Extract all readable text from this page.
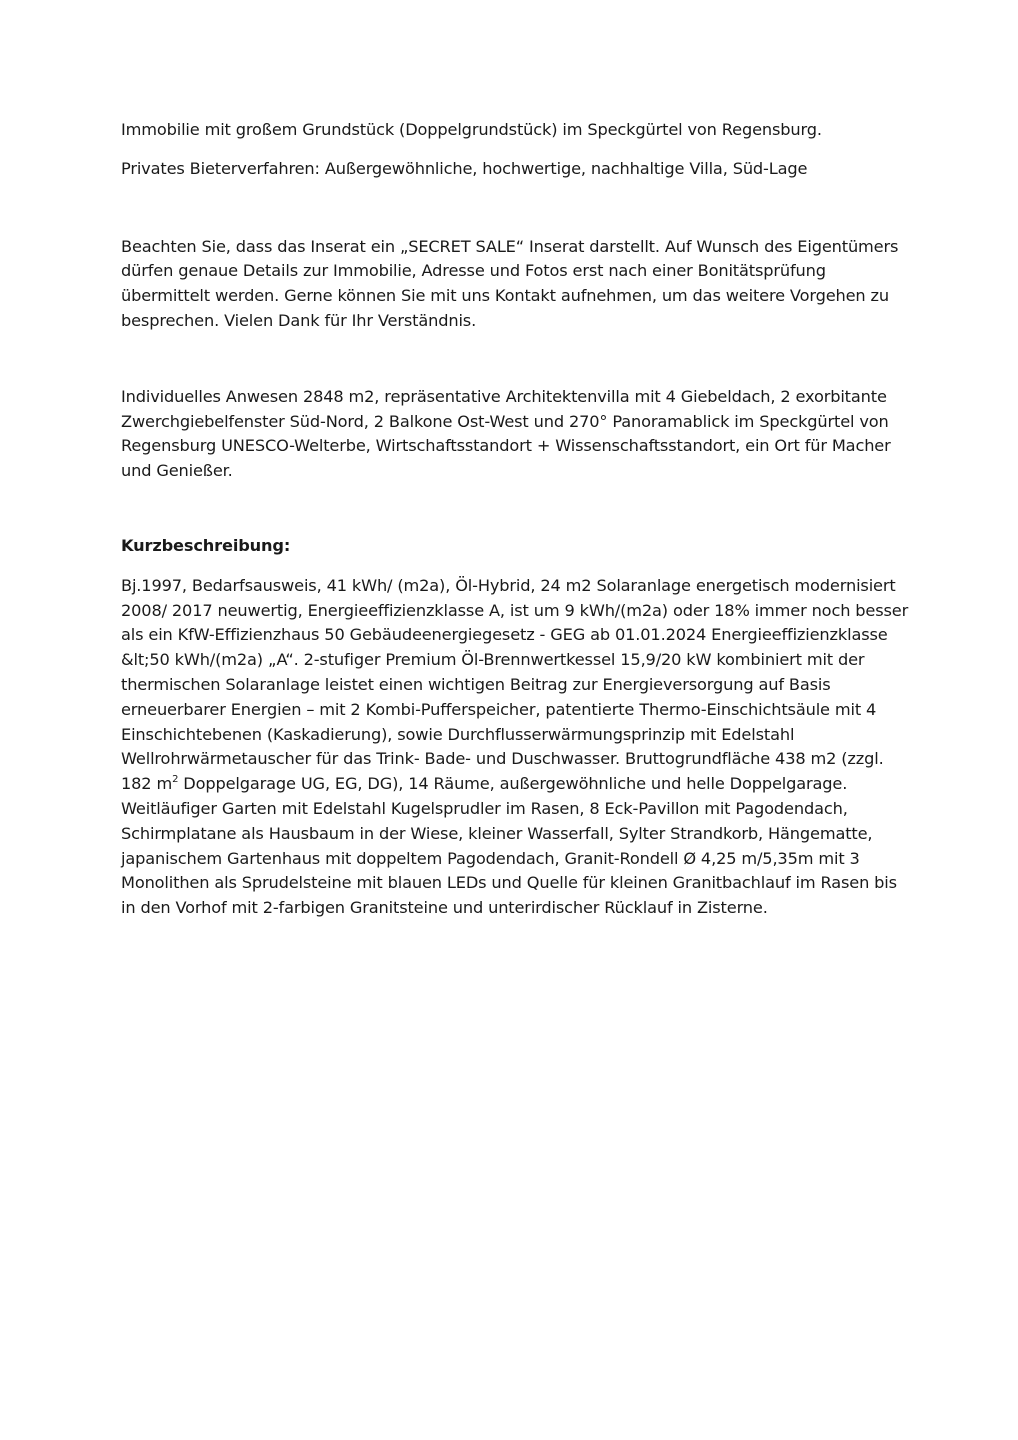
Immobilie mit großem Grundstück (Doppelgrundstück) im Speckgürtel von Regensburg.

Privates Bieterverfahren: Außergewöhnliche, hochwertige, nachhaltige Villa, Süd-Lage

Beachten Sie, dass das Inserat ein „SECRET SALE“ Inserat darstellt. Auf Wunsch des Eigentümers dürfen genaue Details zur Immobilie, Adresse und Fotos erst nach einer Bonitätsprüfung übermittelt werden. Gerne können Sie mit uns Kontakt aufnehmen, um das weitere Vorgehen zu besprechen. Vielen Dank für Ihr Verständnis.

Individuelles Anwesen 2848 m2, repräsentative Architektenvilla mit 4 Giebeldach, 2 exorbitante Zwerchgiebelfenster Süd-Nord, 2 Balkone Ost-West und 270° Panoramablick im Speckgürtel von Regensburg UNESCO-Welterbe, Wirtschaftsstandort + Wissenschaftsstandort, ein Ort für Macher und Genießer.

Kurzbeschreibung:

Bj.1997, Bedarfsausweis, 41 kWh/ (m2a), Öl-Hybrid, 24 m2 Solaranlage energetisch modernisiert 2008/ 2017 neuwertig, Energieeffizienzklasse A, ist um 9 kWh/(m2a) oder 18% immer noch besser als ein KfW-Effizienzhaus 50 Gebäudeenergiegesetz - GEG ab 01.01.2024 Energieeffizienzklasse &lt;50 kWh/(m2a) „A“. 2-stufiger Premium Öl-Brennwertkessel 15,9/20 kW kombiniert mit der thermischen Solaranlage leistet einen wichtigen Beitrag zur Energieversorgung auf Basis erneuerbarer Energien – mit 2 Kombi-Pufferspeicher, patentierte Thermo-Einschichtsäule mit 4 Einschichtebenen (Kaskadierung), sowie Durchflusserwärmungsprinzip mit Edelstahl Wellrohrwärmetauscher für das Trink- Bade- und Duschwasser. Bruttogrundfläche 438 m2 (zzgl. 182 $m^2$ Doppelgarage UG, EG, DG), 14 Räume, außergewöhnliche und helle Doppelgarage. Weitläufiger Garten mit Edelstahl Kugelsprudler im Rasen, 8 Eck-Pavillon mit Pagodendach, Schirmplatane als Hausbaum in der Wiese, kleiner Wasserfall, Sylter Strandkorb, Hängematte, japanischem Gartenhaus mit doppeltem Pagodendach, Granit-Rondell Ø 4,25 m/5,35m mit 3 Monolithen als Sprudelsteine mit blauen LEDs und Quelle für kleinen Granitbachlauf im Rasen bis in den Vorhof mit 2-farbigen Granitsteine und unterirdischer Rücklauf in Zisterne.
